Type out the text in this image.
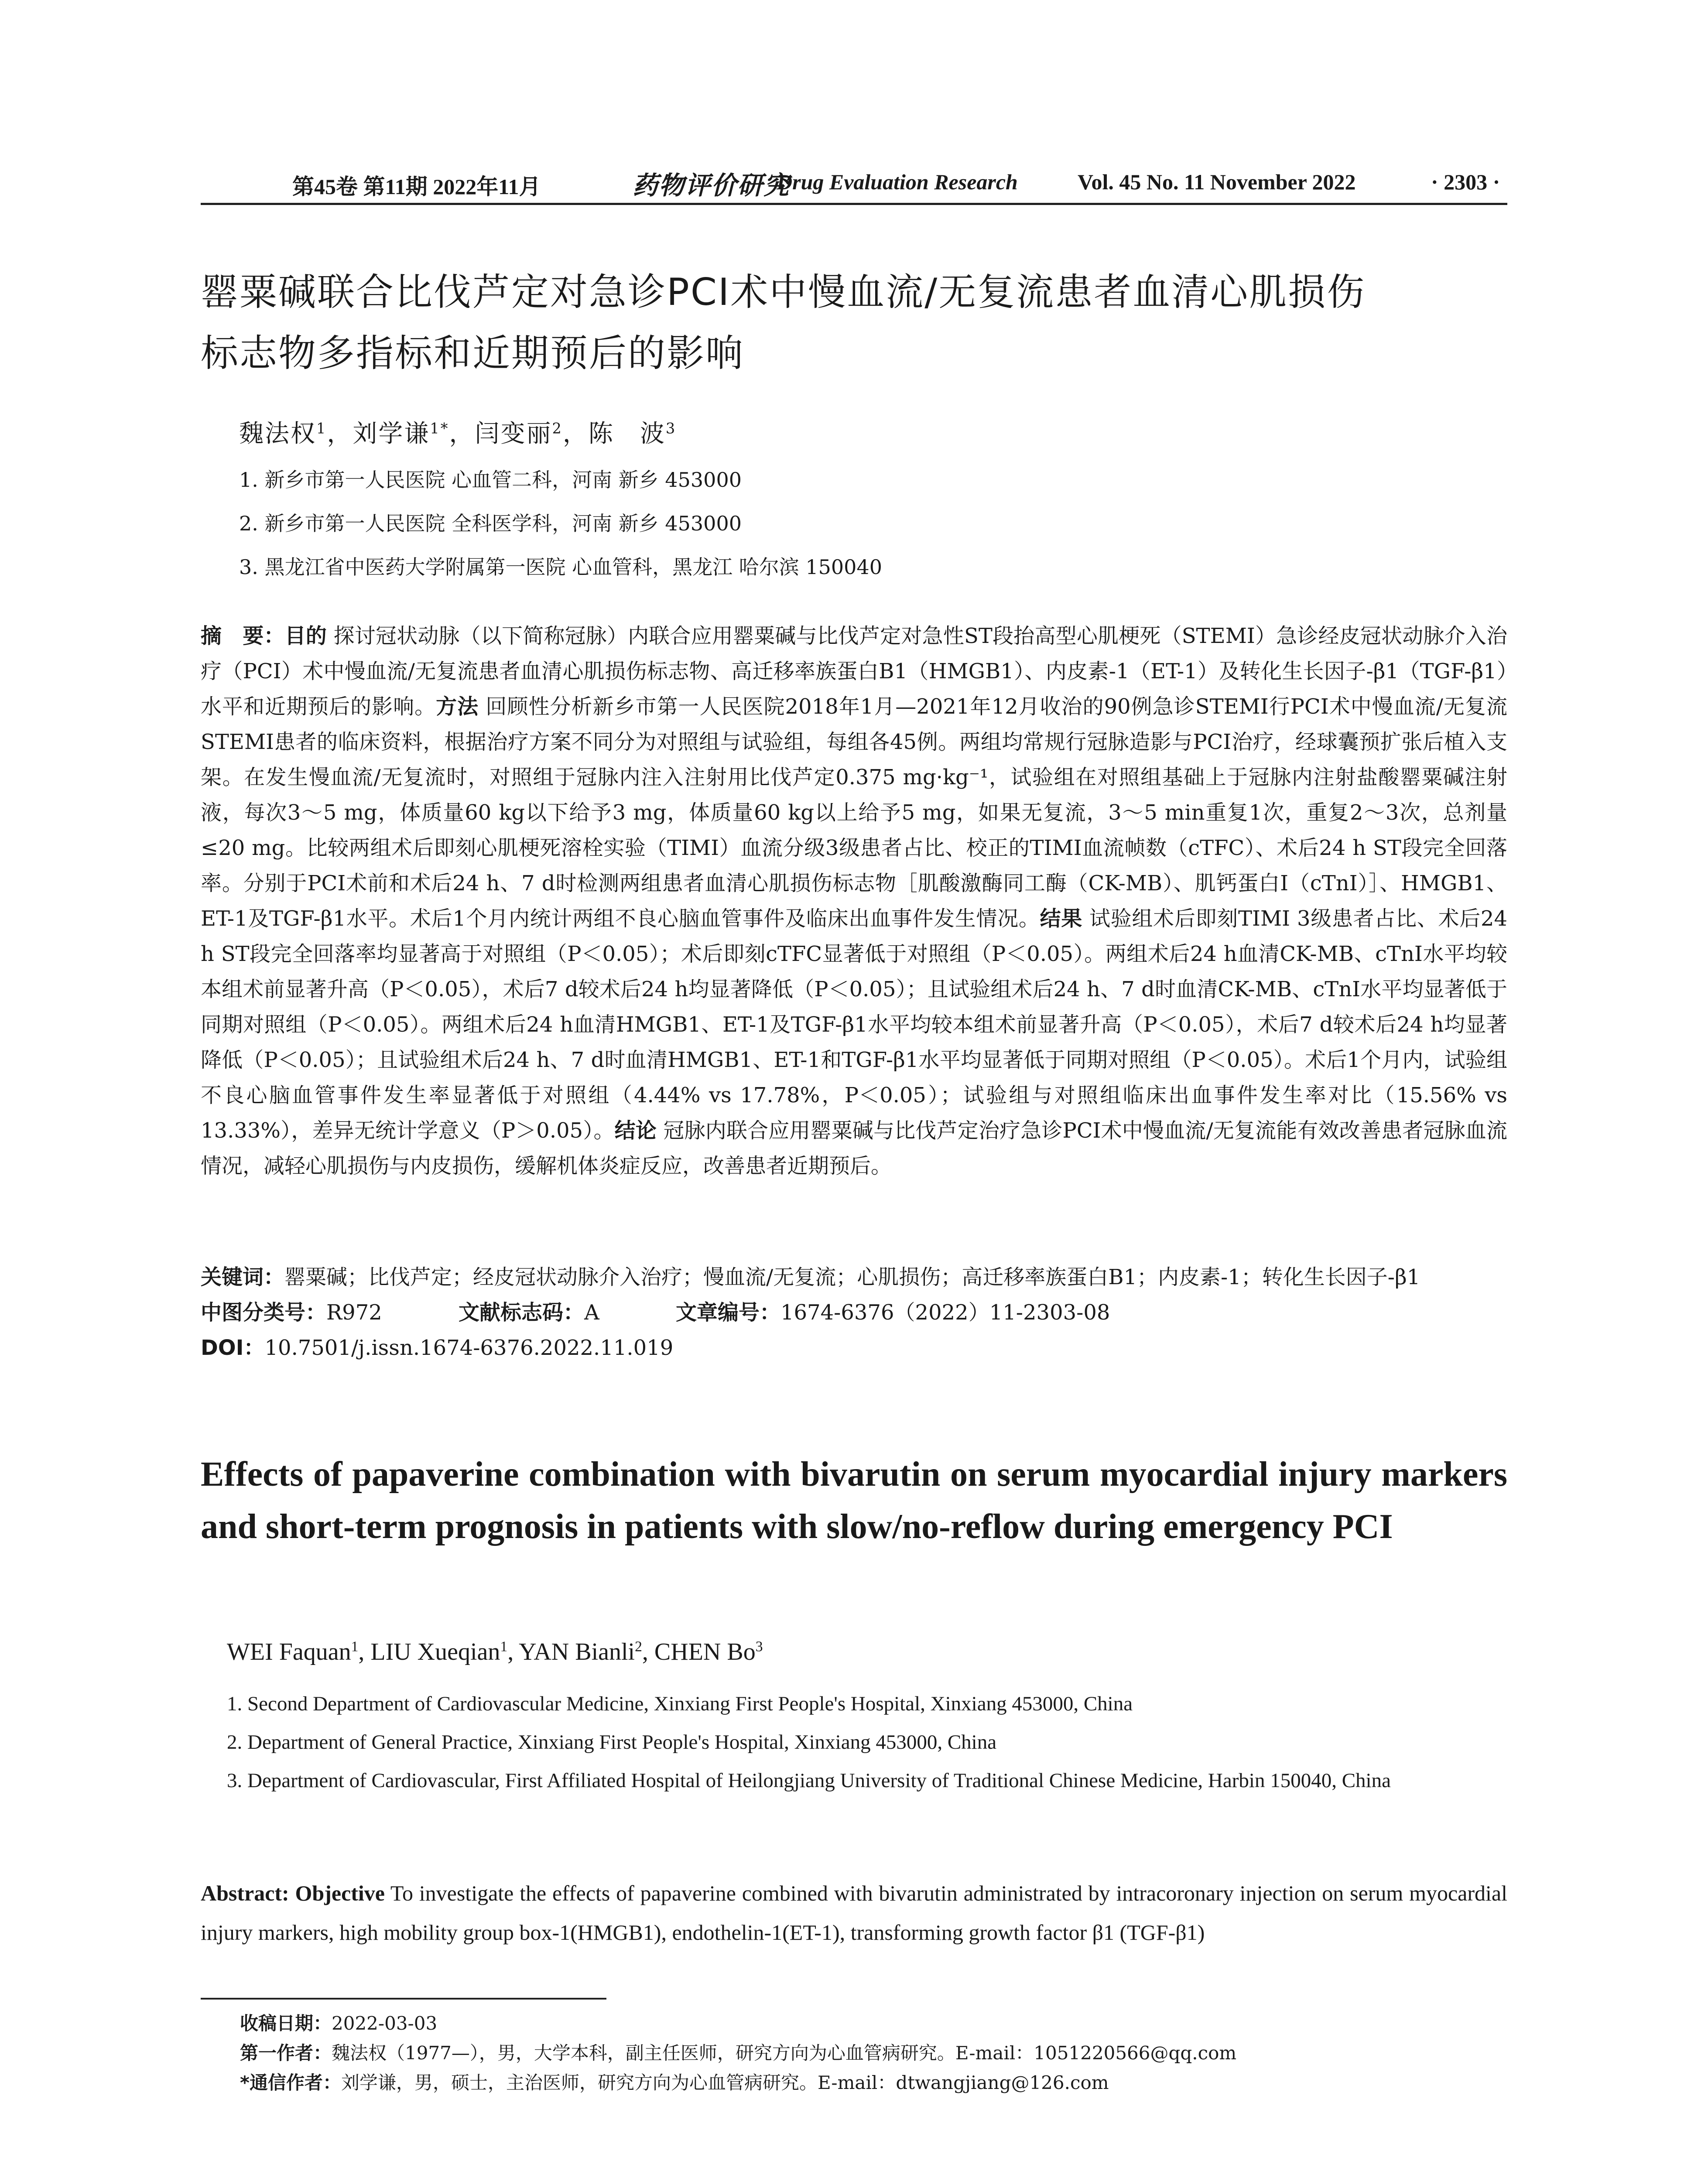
第45卷 第11期 2022年11月	药物评价研究
Drug Evaluation Research	Vol. 45 No. 11 November 2022	· 2303 ·
罂粟碱联合比伐芦定对急诊PCI术中慢血流/无复流患者血清心肌损伤
标志物多指标和近期预后的影响
魏法权$^1$，刘学谦$^{1*}$，闫变丽$^2$，陈　波$^3$
1. 新乡市第一人民医院 心血管二科，河南 新乡 453000
2. 新乡市第一人民医院 全科医学科，河南 新乡 453000
3. 黑龙江省中医药大学附属第一医院 心血管科，黑龙江 哈尔滨 150040
摘　要：目的 探讨冠状动脉（以下简称冠脉）内联合应用罂粟碱与比伐芦定对急性ST段抬高型心肌梗死（STEMI）急诊经皮冠状动脉介入治疗（PCI）术中慢血流/无复流患者血清心肌损伤标志物、高迁移率族蛋白B1（HMGB1）、内皮素-1（ET-1）及转化生长因子-β1（TGF-β1）水平和近期预后的影响。方法 回顾性分析新乡市第一人民医院2018年1月—2021年12月收治的90例急诊STEMI行PCI术中慢血流/无复流STEMI患者的临床资料，根据治疗方案不同分为对照组与试验组，每组各45例。两组均常规行冠脉造影与PCI治疗，经球囊预扩张后植入支架。在发生慢血流/无复流时，对照组于冠脉内注入注射用比伐芦定0.375 mg·kg⁻¹，试验组在对照组基础上于冠脉内注射盐酸罂粟碱注射液，每次3～5 mg，体质量60 kg以下给予3 mg，体质量60 kg以上给予5 mg，如果无复流，3～5 min重复1次，重复2～3次，总剂量≤20 mg。比较两组术后即刻心肌梗死溶栓实验（TIMI）血流分级3级患者占比、校正的TIMI血流帧数（cTFC）、术后24 h ST段完全回落率。分别于PCI术前和术后24 h、7 d时检测两组患者血清心肌损伤标志物［肌酸激酶同工酶（CK-MB）、肌钙蛋白I（cTnI）］、HMGB1、ET-1及TGF-β1水平。术后1个月内统计两组不良心脑血管事件及临床出血事件发生情况。结果 试验组术后即刻TIMI 3级患者占比、术后24 h ST段完全回落率均显著高于对照组（P＜0.05）；术后即刻cTFC显著低于对照组（P＜0.05）。两组术后24 h血清CK-MB、cTnI水平均较本组术前显著升高（P＜0.05），术后7 d较术后24 h均显著降低（P＜0.05）；且试验组术后24 h、7 d时血清CK-MB、cTnI水平均显著低于同期对照组（P＜0.05）。两组术后24 h血清HMGB1、ET-1及TGF-β1水平均较本组术前显著升高（P＜0.05），术后7 d较术后24 h均显著降低（P＜0.05）；且试验组术后24 h、7 d时血清HMGB1、ET-1和TGF-β1水平均显著低于同期对照组（P＜0.05）。术后1个月内，试验组不良心脑血管事件发生率显著低于对照组（4.44% vs 17.78%，P＜0.05）；试验组与对照组临床出血事件发生率对比（15.56% vs 13.33%），差异无统计学意义（P＞0.05）。结论 冠脉内联合应用罂粟碱与比伐芦定治疗急诊PCI术中慢血流/无复流能有效改善患者冠脉血流情况，减轻心肌损伤与内皮损伤，缓解机体炎症反应，改善患者近期预后。
关键词：罂粟碱；比伐芦定；经皮冠状动脉介入治疗；慢血流/无复流；心肌损伤；高迁移率族蛋白B1；内皮素-1；转化生长因子-β1
中图分类号：R972	文献标志码：A	文章编号：1674-6376（2022）11-2303-08
DOI：10.7501/j.issn.1674-6376.2022.11.019
Effects of papaverine combination with bivarutin on serum myocardial injury markers and short-term prognosis in patients with slow/no-reflow during emergency PCI
WEI Faquan$^1$, LIU Xueqian$^1$, YAN Bianli$^2$, CHEN Bo$^3$
1. Second Department of Cardiovascular Medicine, Xinxiang First People's Hospital, Xinxiang 453000, China
2. Department of General Practice, Xinxiang First People's Hospital, Xinxiang 453000, China
3. Department of Cardiovascular, First Affiliated Hospital of Heilongjiang University of Traditional Chinese Medicine, Harbin 150040, China
Abstract: Objective To investigate the effects of papaverine combined with bivarutin administrated by intracoronary injection on serum myocardial injury markers, high mobility group box-1(HMGB1), endothelin-1(ET-1), transforming growth factor β1 (TGF-β1)
收稿日期：2022-03-03
第一作者：魏法权（1977—），男，大学本科，副主任医师，研究方向为心血管病研究。E-mail：1051220566@qq.com
*通信作者：刘学谦，男，硕士，主治医师，研究方向为心血管病研究。E-mail：dtwangjiang@126.com
